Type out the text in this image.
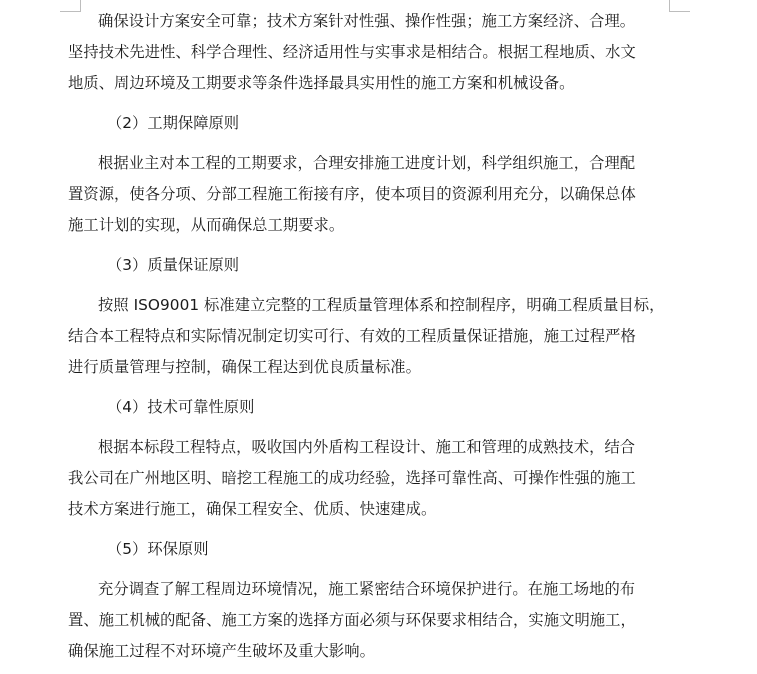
确保设计方案安全可靠；技术方案针对性强、操作性强；施工方案经济、合理。
坚持技术先进性、科学合理性、经济适用性与实事求是相结合。根据工程地质、水文
地质、周边环境及工期要求等条件选择最具实用性的施工方案和机械设备。
（2）工期保障原则
根据业主对本工程的工期要求，合理安排施工进度计划，科学组织施工，合理配
置资源，使各分项、分部工程施工衔接有序，使本项目的资源利用充分，以确保总体
施工计划的实现，从而确保总工期要求。
（3）质量保证原则
按照 ISO9001 标准建立完整的工程质量管理体系和控制程序，明确工程质量目标，
结合本工程特点和实际情况制定切实可行、有效的工程质量保证措施，施工过程严格
进行质量管理与控制，确保工程达到优良质量标准。
（4）技术可靠性原则
根据本标段工程特点，吸收国内外盾构工程设计、施工和管理的成熟技术，结合
我公司在广州地区明、暗挖工程施工的成功经验，选择可靠性高、可操作性强的施工
技术方案进行施工，确保工程安全、优质、快速建成。
（5）环保原则
充分调查了解工程周边环境情况，施工紧密结合环境保护进行。在施工场地的布
置、施工机械的配备、施工方案的选择方面必须与环保要求相结合，实施文明施工，
确保施工过程不对环境产生破坏及重大影响。
